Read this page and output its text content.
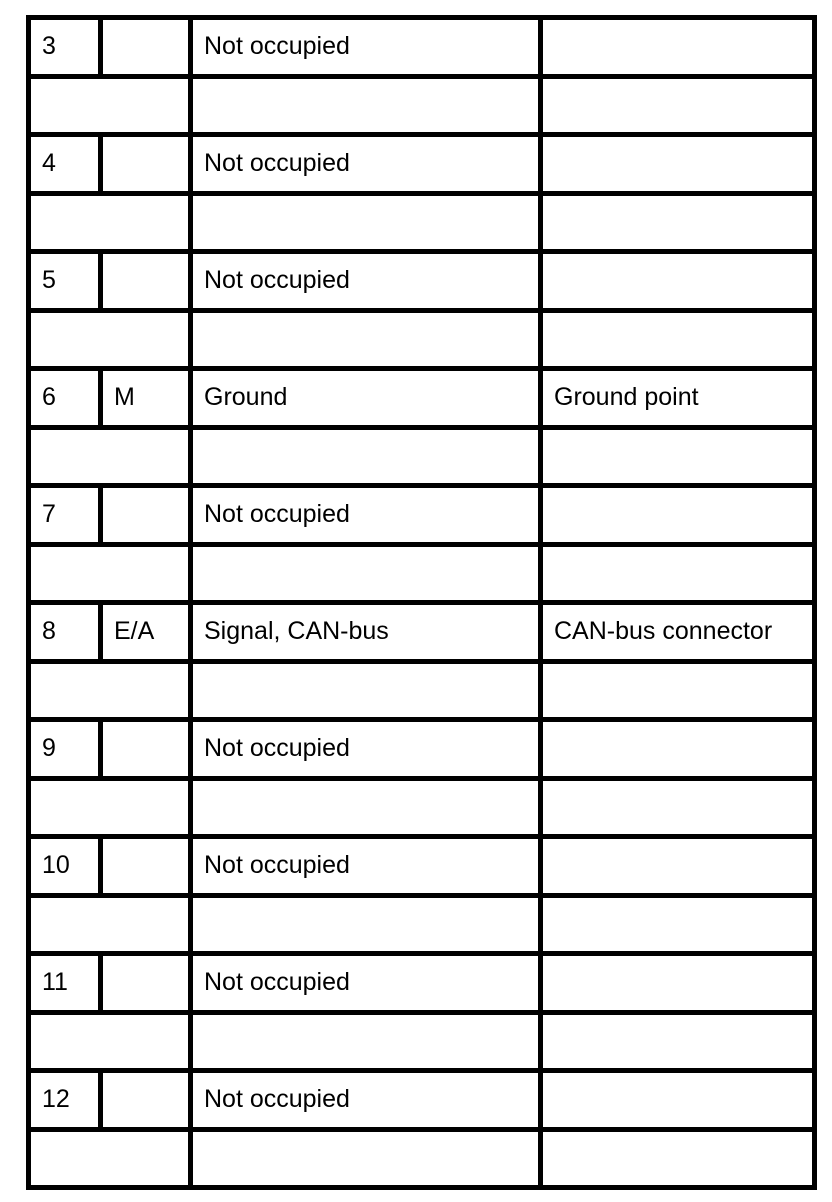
3		Not occupied	

4		Not occupied	

5		Not occupied	

6	M	Ground	Ground point

7		Not occupied	

8	E/A	Signal, CAN-bus	CAN-bus connector

9		Not occupied	

10		Not occupied	

11		Not occupied	

12		Not occupied	
